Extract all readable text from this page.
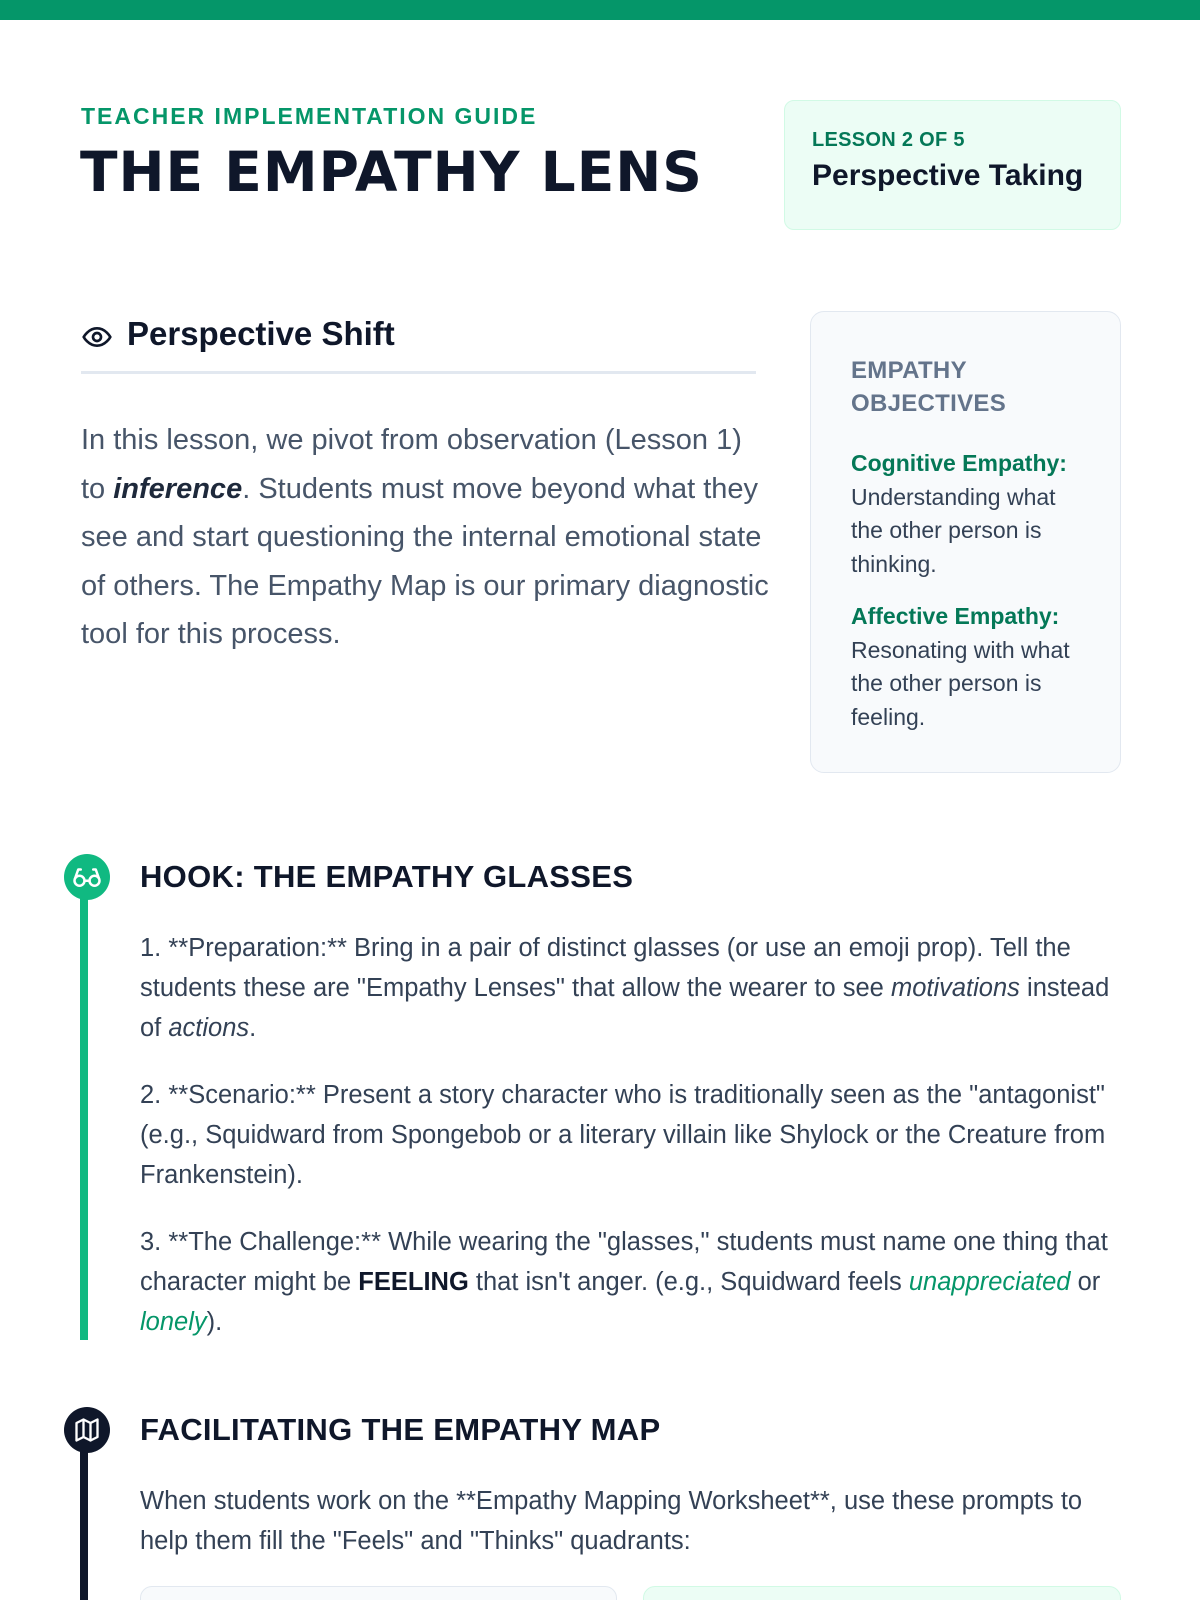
TEACHER IMPLEMENTATION GUIDE
THE EMPATHY LENS	LESSON 2 OF 5
Perspective Taking
Perspective Shift

In this lesson, we pivot from observation (Lesson 1) to inference. Students must move beyond what they see and start questioning the internal emotional state of others. The Empathy Map is our primary diagnostic tool for this process.

EMPATHY OBJECTIVES
Cognitive Empathy:
Understanding what the other person is thinking.
Affective Empathy:
Resonating with what the other person is feeling.
HOOK: THE EMPATHY GLASSES

1. **Preparation:** Bring in a pair of distinct glasses (or use an emoji prop). Tell the students these are "Empathy Lenses" that allow the wearer to see motivations instead of actions.

2. **Scenario:** Present a story character who is traditionally seen as the "antagonist" (e.g., Squidward from Spongebob or a literary villain like Shylock or the Creature from Frankenstein).

3. **The Challenge:** While wearing the "glasses," students must name one thing that character might be FEELING that isn't anger. (e.g., Squidward feels unappreciated or lonely).

FACILITATING THE EMPATHY MAP

When students work on the **Empathy Mapping Worksheet**, use these prompts to help them fill the "Feels" and "Thinks" quadrants:
